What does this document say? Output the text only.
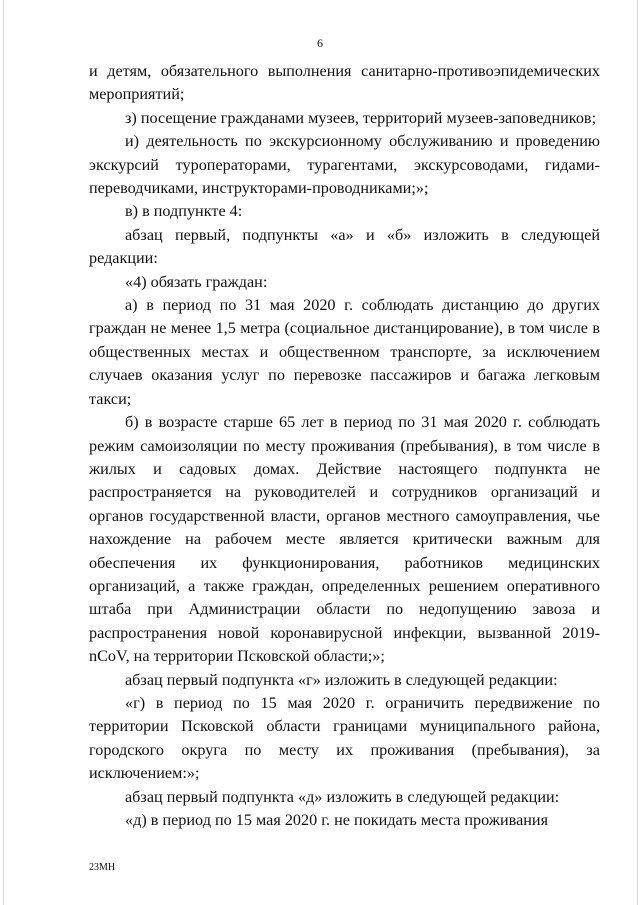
6

и детям, обязательного выполнения санитарно-противоэпидемических мероприятий;

з) посещение гражданами музеев, территорий музеев-заповедников;

и) деятельность по экскурсионному обслуживанию и проведению экскурсий туроператорами, турагентами, экскурсоводами, гидами-переводчиками, инструкторами-проводниками;»;

в) в подпункте 4:

абзац первый, подпункты «а» и «б» изложить в следующей редакции:

«4) обязать граждан:

а) в период по 31 мая 2020 г. соблюдать дистанцию до других граждан не менее 1,5 метра (социальное дистанцирование), в том числе в общественных местах и общественном транспорте, за исключением случаев оказания услуг по перевозке пассажиров и багажа легковым такси;

б) в возрасте старше 65 лет в период по 31 мая 2020 г. соблюдать режим самоизоляции по месту проживания (пребывания), в том числе в жилых и садовых домах. Действие настоящего подпункта не распространяется на руководителей и сотрудников организаций и органов государственной власти, органов местного самоуправления, чье нахождение на рабочем месте является критически важным для обеспечения их функционирования, работников медицинских организаций, а также граждан, определенных решением оперативного штаба при Администрации области по недопущению завоза и распространения новой коронавирусной инфекции, вызванной 2019-nCoV, на территории Псковской области;»;

абзац первый подпункта «г» изложить в следующей редакции:

«г) в период по 15 мая 2020 г. ограничить передвижение по территории Псковской области границами муниципального района, городского округа по месту их проживания (пребывания), за исключением:»;

абзац первый подпункта «д» изложить в следующей редакции:

«д) в период по 15 мая 2020 г. не покидать места проживания

23МН
